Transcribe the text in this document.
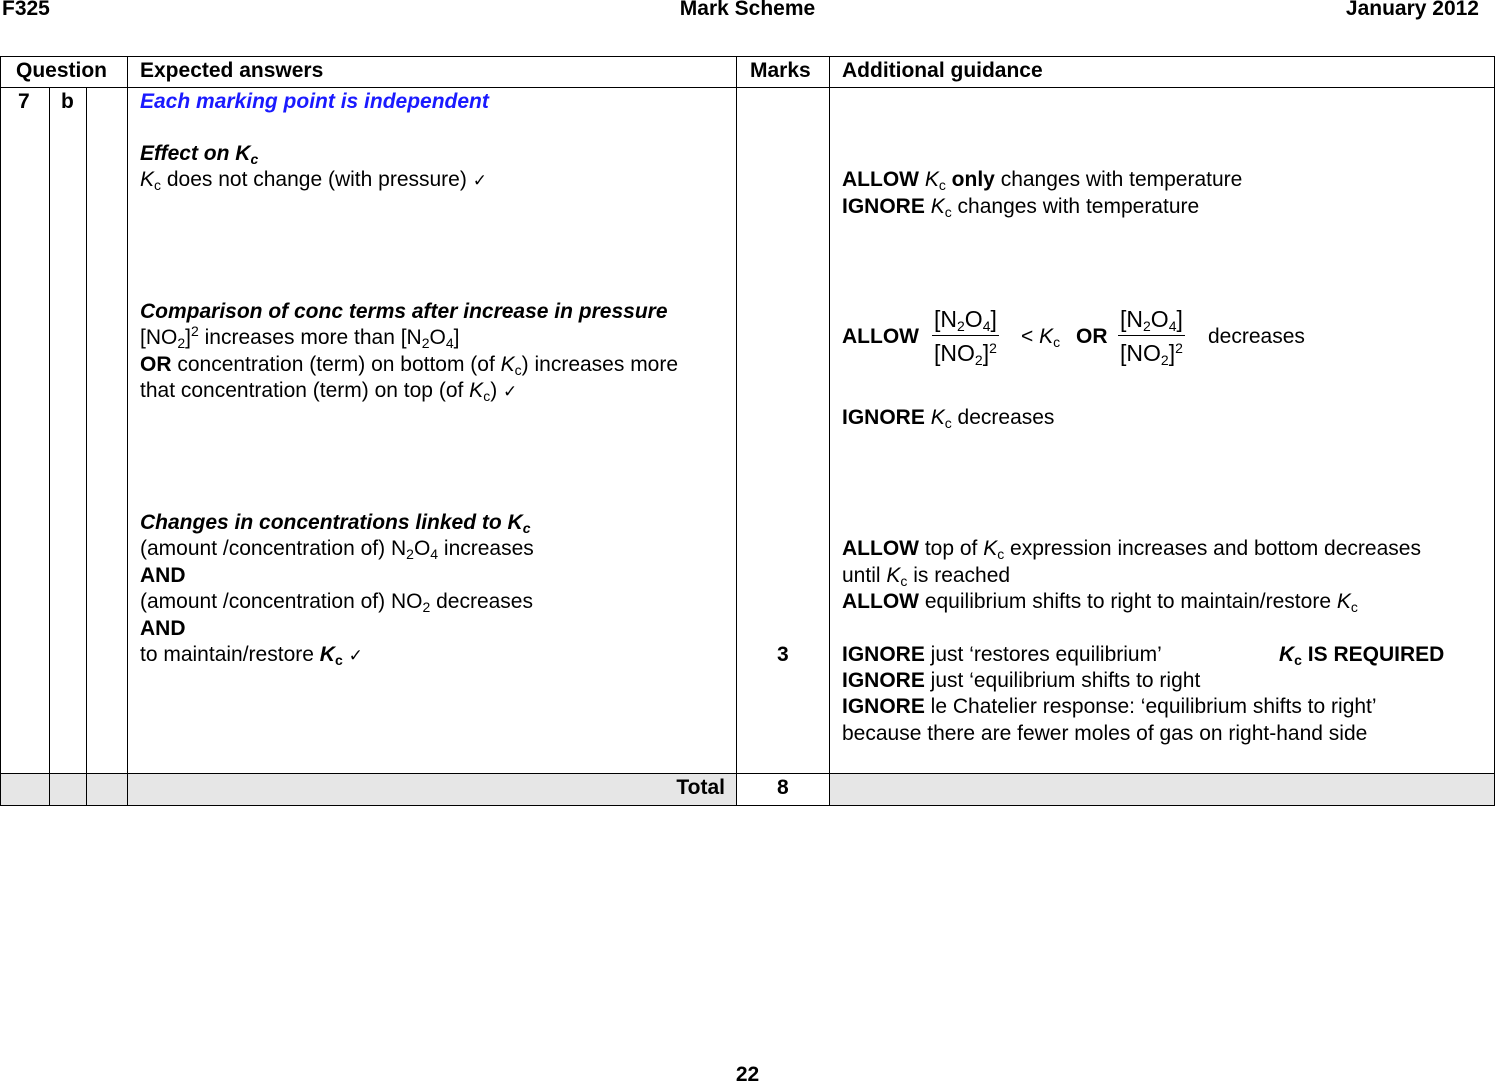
F325	Mark Scheme	January 2012
Question Expected answers	Marks Additional guidance
7 b	Each marking point is independent
Effect on $K_c$
$K_c$ does not change (with pressure) ✓
Comparison of conc terms after increase in pressure
$[NO_2]^2$ increases more than $[N_2O_4]$
OR concentration (term) on bottom (of $K_c$) increases more
that concentration (term) on top (of $K_c$) ✓
Changes in concentrations linked to $K_c$
(amount /concentration of) $N_2O_4$ increases
AND
(amount /concentration of) $NO_2$ decreases
AND
to maintain/restore $K_c$ ✓	3
ALLOW $K_c$ only changes with temperature
IGNORE $K_c$ changes with temperature
ALLOW
$[N_2O_4]$
$[NO_2]^2 < K_c$ OR
$[N_2O_4]$
$[NO_2]^2$ decreases
IGNORE $K_c$ decreases
ALLOW top of $K_c$ expression increases and bottom decreases
until $K_c$ is reached
ALLOW equilibrium shifts to right to maintain/restore $K_c$
IGNORE just ‘restores equilibrium’	$K_c$ IS REQUIRED
IGNORE just ‘equilibrium shifts to right
IGNORE le Chatelier response: ‘equilibrium shifts to right’
because there are fewer moles of gas on right-hand side
Total 8
22
